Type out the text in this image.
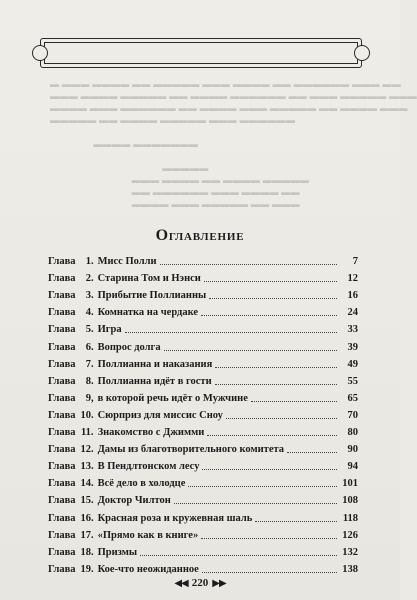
▬ ▬▬▬ ▬▬▬▬ ▬▬ ▬▬▬▬▬ ▬▬▬ ▬▬▬▬ ▬▬ ▬▬▬▬▬▬ ▬▬▬ ▬▬
▬▬▬ ▬▬▬▬ ▬▬▬▬▬ ▬▬ ▬▬▬▬ ▬▬▬▬▬▬ ▬▬ ▬▬▬ ▬▬▬▬▬ ▬▬▬
▬▬▬▬ ▬▬▬ ▬▬▬▬▬▬ ▬▬ ▬▬▬▬ ▬▬▬ ▬▬▬▬▬ ▬▬ ▬▬▬▬ ▬▬▬
▬▬▬▬▬ ▬▬ ▬▬▬▬ ▬▬▬▬▬ ▬▬▬ ▬▬▬▬▬▬

▬▬▬▬ ▬▬▬▬▬▬▬

▬▬▬▬▬
▬▬▬ ▬▬▬▬ ▬▬ ▬▬▬▬ ▬▬▬▬▬
▬▬ ▬▬▬▬▬▬ ▬▬▬ ▬▬▬▬ ▬▬
▬▬▬▬ ▬▬▬ ▬▬▬▬▬ ▬▬ ▬▬▬
Оглавление
Глава 1. Мисс Полли	7
Глава 2. Старина Том и Нэнси	12
Глава 3. Прибытие Поллианны	16
Глава 4. Комнатка на чердаке	24
Глава 5. Игра	33
Глава 6. Вопрос долга	39
Глава 7. Поллианна и наказания	49
Глава 8. Поллианна идёт в гости	55
Глава 9, в которой речь идёт о Мужчине	65
Глава 10. Сюрприз для миссис Сноу	70
Глава 11. Знакомство с Джимми	80
Глава 12. Дамы из благотворительного комитета	90
Глава 13. В Пендлтонском лесу	94
Глава 14. Всё дело в холодце	101
Глава 15. Доктор Чилтон	108
Глава 16. Красная роза и кружевная шаль	118
Глава 17. «Прямо как в книге»	126
Глава 18. Призмы	132
Глава 19. Кое-что неожиданное	138
◀◀ 220 ▶▶
